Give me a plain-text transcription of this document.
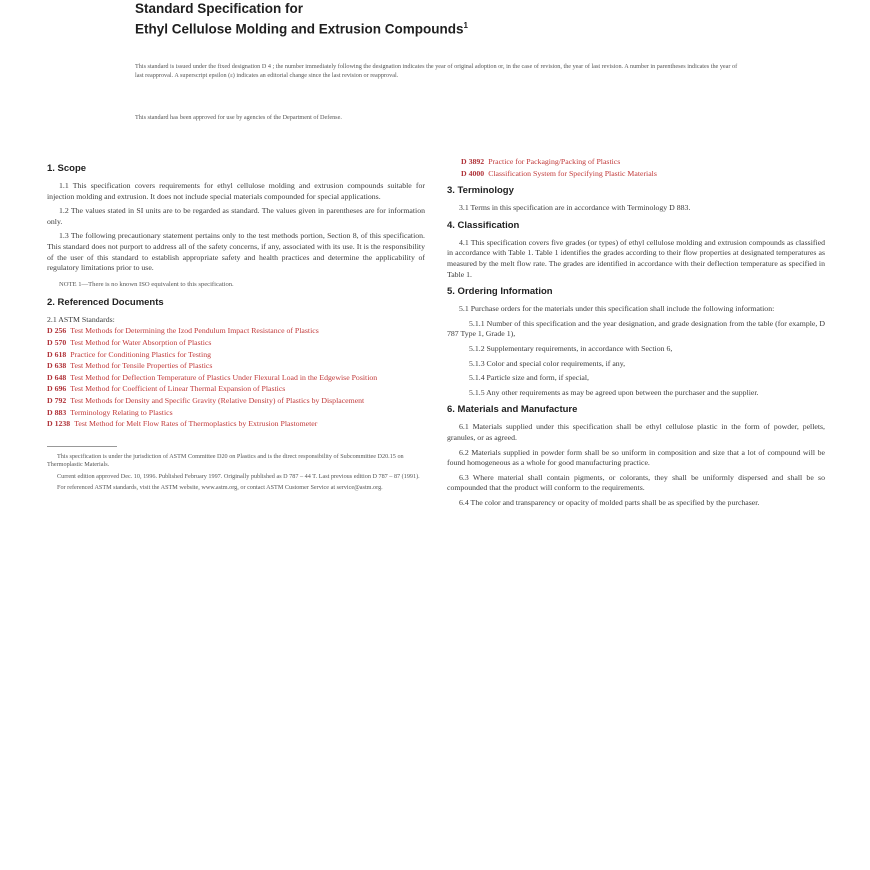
Standard Specification for
Ethyl Cellulose Molding and Extrusion Compounds$^1$
This standard is issued under the fixed designation D 4 ; the number immediately following the designation indicates the year of original adoption or, in the case of revision, the year of last revision. A number in parentheses indicates the year of last reapproval. A superscript epsilon (ε) indicates an editorial change since the last revision or reapproval.
This standard has been approved for use by agencies of the Department of Defense.
1. Scope
1.1 This specification covers requirements for ethyl cellulose molding and extrusion compounds suitable for injection molding and extrusion. It does not include special materials compounded for special applications.
1.2 The values stated in SI units are to be regarded as standard. The values given in parentheses are for information only.
1.3 The following precautionary statement pertains only to the test methods portion, Section 8, of this specification. This standard does not purport to address all of the safety concerns, if any, associated with its use. It is the responsibility of the user of this standard to establish appropriate safety and health practices and determine the applicability of regulatory limitations prior to use.
NOTE 1—There is no known ISO equivalent to this specification.
2. Referenced Documents
2.1 ASTM Standards:
D 256 Test Methods for Determining the Izod Pendulum Impact Resistance of Plastics
D 570 Test Method for Water Absorption of Plastics
D 618 Practice for Conditioning Plastics for Testing
D 638 Test Method for Tensile Properties of Plastics
D 648 Test Method for Deflection Temperature of Plastics Under Flexural Load in the Edgewise Position
D 696 Test Method for Coefficient of Linear Thermal Expansion of Plastics
D 792 Test Methods for Density and Specific Gravity (Relative Density) of Plastics by Displacement
D 883 Terminology Relating to Plastics
D 1238 Test Method for Melt Flow Rates of Thermoplastics by Extrusion Plastometer
This specification is under the jurisdiction of ASTM Committee D20 on Plastics and is the direct responsibility of Subcommittee D20.15 on Thermoplastic Materials.
Current edition approved Dec. 10, 1996. Published February 1997. Originally published as D 787 – 44 T. Last previous edition D 787 – 87 (1991).
For referenced ASTM standards, visit the ASTM website, www.astm.org, or contact ASTM Customer Service at service@astm.org.
D 3892 Practice for Packaging/Packing of Plastics
D 4000 Classification System for Specifying Plastic Materials
3. Terminology
3.1 Terms in this specification are in accordance with Terminology D 883.
4. Classification
4.1 This specification covers five grades (or types) of ethyl cellulose molding and extrusion compounds as classified in accordance with Table 1. Table 1 identifies the grades according to their flow properties at designated temperatures as measured by the melt flow rate. The grades are identified in accordance with their deflection temperature as specified in Table 1.
5. Ordering Information
5.1 Purchase orders for the materials under this specification shall include the following information:
5.1.1 Number of this specification and the year designation, and grade designation from the table (for example, D 787 Type 1, Grade 1),
5.1.2 Supplementary requirements, in accordance with Section 6,
5.1.3 Color and special color requirements, if any,
5.1.4 Particle size and form, if special,
5.1.5 Any other requirements as may be agreed upon between the purchaser and the supplier.
6. Materials and Manufacture
6.1 Materials supplied under this specification shall be ethyl cellulose plastic in the form of powder, pellets, granules, or as agreed.
6.2 Materials supplied in powder form shall be so uniform in composition and size that a lot of compound will be found homogeneous as a whole for good manufacturing practice.
6.3 Where material shall contain pigments, or colorants, they shall be uniformly dispersed and shall be so compounded that the product will conform to the requirements.
6.4 The color and transparency or opacity of molded parts shall be as specified by the purchaser.
